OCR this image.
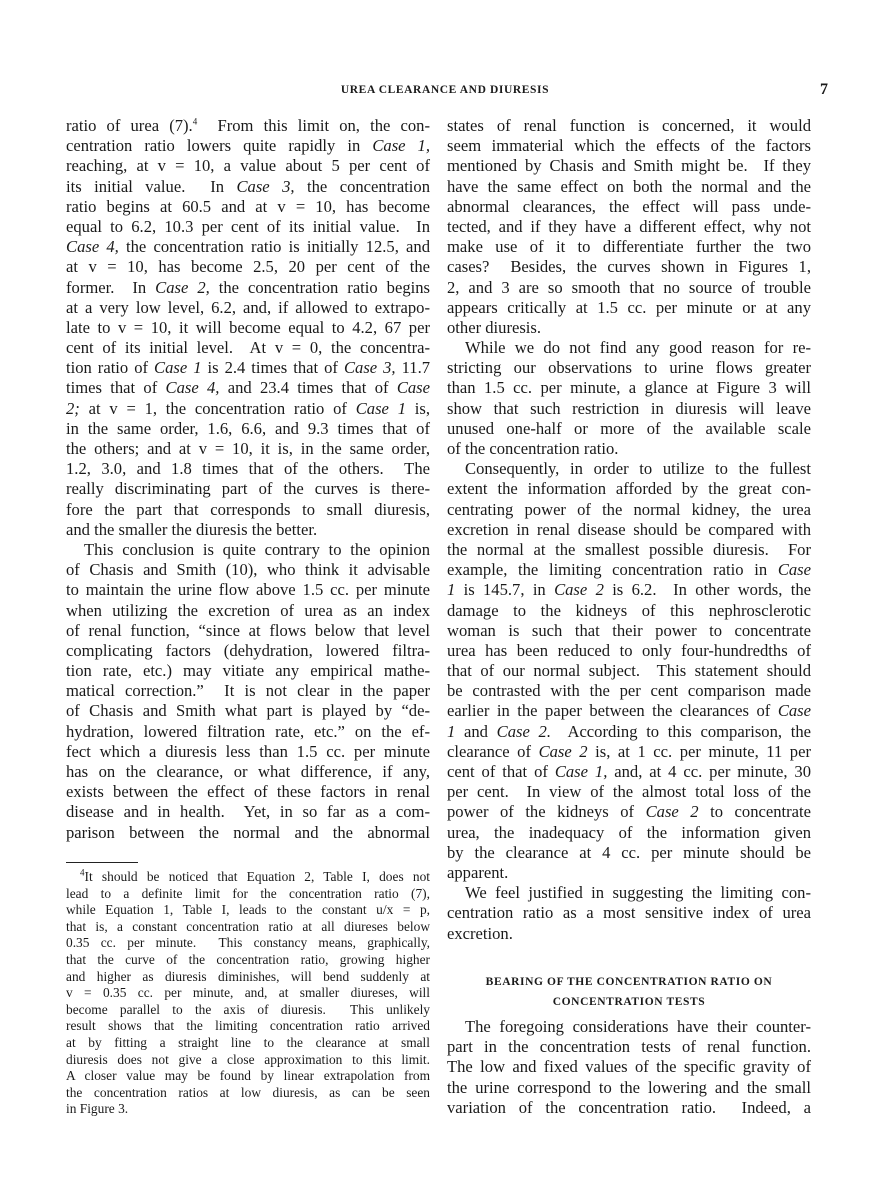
UREA CLEARANCE AND DIURESIS	7
ratio of urea (7).$^4$  From this limit on, the con-
centration ratio lowers quite rapidly in Case 1,
reaching, at v = 10, a value about 5 per cent of
its initial value.  In Case 3, the concentration
ratio begins at 60.5 and at v = 10, has become
equal to 6.2, 10.3 per cent of its initial value.  In
Case 4, the concentration ratio is initially 12.5, and
at v = 10, has become 2.5, 20 per cent of the
former.  In Case 2, the concentration ratio begins
at a very low level, 6.2, and, if allowed to extrapo-
late to v = 10, it will become equal to 4.2, 67 per
cent of its initial level.  At v = 0, the concentra-
tion ratio of Case 1 is 2.4 times that of Case 3, 11.7
times that of Case 4, and 23.4 times that of Case
2; at v = 1, the concentration ratio of Case 1 is,
in the same order, 1.6, 6.6, and 9.3 times that of
the others; and at v = 10, it is, in the same order,
1.2, 3.0, and 1.8 times that of the others.  The
really discriminating part of the curves is there-
fore the part that corresponds to small diuresis,
and the smaller the diuresis the better.
This conclusion is quite contrary to the opinion
of Chasis and Smith (10), who think it advisable
to maintain the urine flow above 1.5 cc. per minute
when utilizing the excretion of urea as an index
of renal function, “since at flows below that level
complicating factors (dehydration, lowered filtra-
tion rate, etc.) may vitiate any empirical mathe-
matical correction.”  It is not clear in the paper
of Chasis and Smith what part is played by “de-
hydration, lowered filtration rate, etc.” on the ef-
fect which a diuresis less than 1.5 cc. per minute
has on the clearance, or what difference, if any,
exists between the effect of these factors in renal
disease and in health.  Yet, in so far as a com-
parison between the normal and the abnormal
$^4$It should be noticed that Equation 2, Table I, does not
lead to a definite limit for the concentration ratio (7),
while Equation 1, Table I, leads to the constant u/x = p,
that is, a constant concentration ratio at all diureses below
0.35 cc. per minute.  This constancy means, graphically,
that the curve of the concentration ratio, growing higher
and higher as diuresis diminishes, will bend suddenly at
v = 0.35 cc. per minute, and, at smaller diureses, will
become parallel to the axis of diuresis.  This unlikely
result shows that the limiting concentration ratio arrived
at by fitting a straight line to the clearance at small
diuresis does not give a close approximation to this limit.
A closer value may be found by linear extrapolation from
the concentration ratios at low diuresis, as can be seen
in Figure 3.
states of renal function is concerned, it would
seem immaterial which the effects of the factors
mentioned by Chasis and Smith might be.  If they
have the same effect on both the normal and the
abnormal clearances, the effect will pass unde-
tected, and if they have a different effect, why not
make use of it to differentiate further the two
cases?  Besides, the curves shown in Figures 1,
2, and 3 are so smooth that no source of trouble
appears critically at 1.5 cc. per minute or at any
other diuresis.
While we do not find any good reason for re-
stricting our observations to urine flows greater
than 1.5 cc. per minute, a glance at Figure 3 will
show that such restriction in diuresis will leave
unused one-half or more of the available scale
of the concentration ratio.
Consequently, in order to utilize to the fullest
extent the information afforded by the great con-
centrating power of the normal kidney, the urea
excretion in renal disease should be compared with
the normal at the smallest possible diuresis.  For
example, the limiting concentration ratio in Case
1 is 145.7, in Case 2 is 6.2.  In other words, the
damage to the kidneys of this nephrosclerotic
woman is such that their power to concentrate
urea has been reduced to only four-hundredths of
that of our normal subject.  This statement should
be contrasted with the per cent comparison made
earlier in the paper between the clearances of Case
1 and Case 2.  According to this comparison, the
clearance of Case 2 is, at 1 cc. per minute, 11 per
cent of that of Case 1, and, at 4 cc. per minute, 30
per cent.  In view of the almost total loss of the
power of the kidneys of Case 2 to concentrate
urea, the inadequacy of the information given
by the clearance at 4 cc. per minute should be
apparent.
We feel justified in suggesting the limiting con-
centration ratio as a most sensitive index of urea
excretion.
BEARING OF THE CONCENTRATION RATIO ON
CONCENTRATION TESTS
The foregoing considerations have their counter-
part in the concentration tests of renal function.
The low and fixed values of the specific gravity of
the urine correspond to the lowering and the small
variation of the concentration ratio.  Indeed, a
